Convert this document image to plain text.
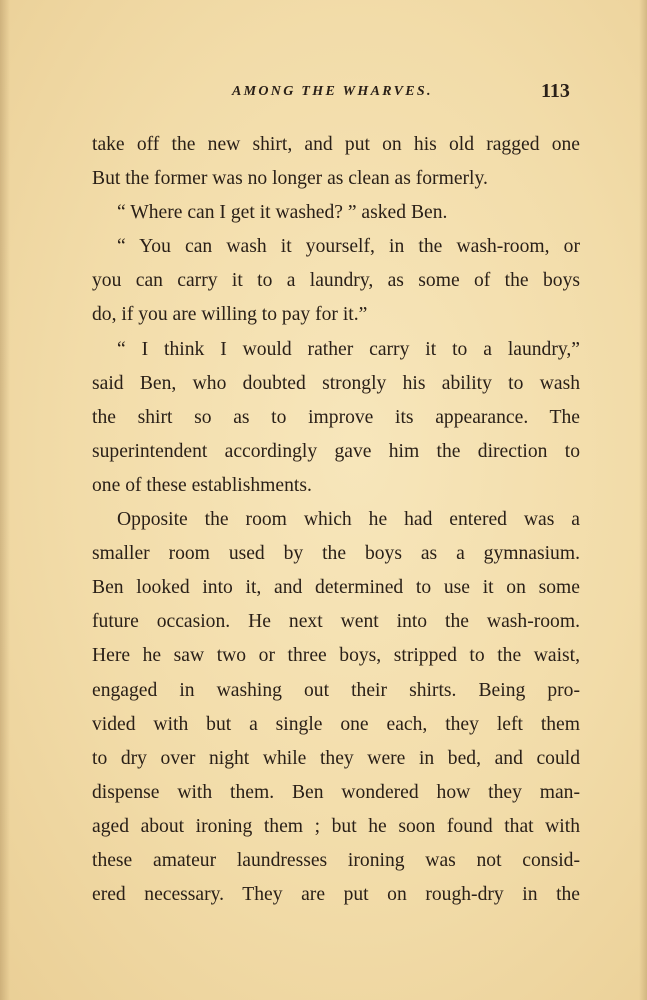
AMONG THE WHARVES.	113
take off the new shirt, and put on his old ragged one
But the former was no longer as clean as formerly.
“ Where can I get it washed? ” asked Ben.
“ You can wash it yourself, in the wash-room, or
you can carry it to a laundry, as some of the boys
do, if you are willing to pay for it.”
“ I think I would rather carry it to a laundry,”
said Ben, who doubted strongly his ability to wash
the shirt so as to improve its appearance. The
superintendent accordingly gave him the direction to
one of these establishments.
Opposite the room which he had entered was a
smaller room used by the boys as a gymnasium.
Ben looked into it, and determined to use it on some
future occasion. He next went into the wash-room.
Here he saw two or three boys, stripped to the waist,
engaged in washing out their shirts. Being pro-
vided with but a single one each, they left them
to dry over night while they were in bed, and could
dispense with them. Ben wondered how they man-
aged about ironing them ; but he soon found that with
these amateur laundresses ironing was not consid-
ered necessary. They are put on rough-dry in the
